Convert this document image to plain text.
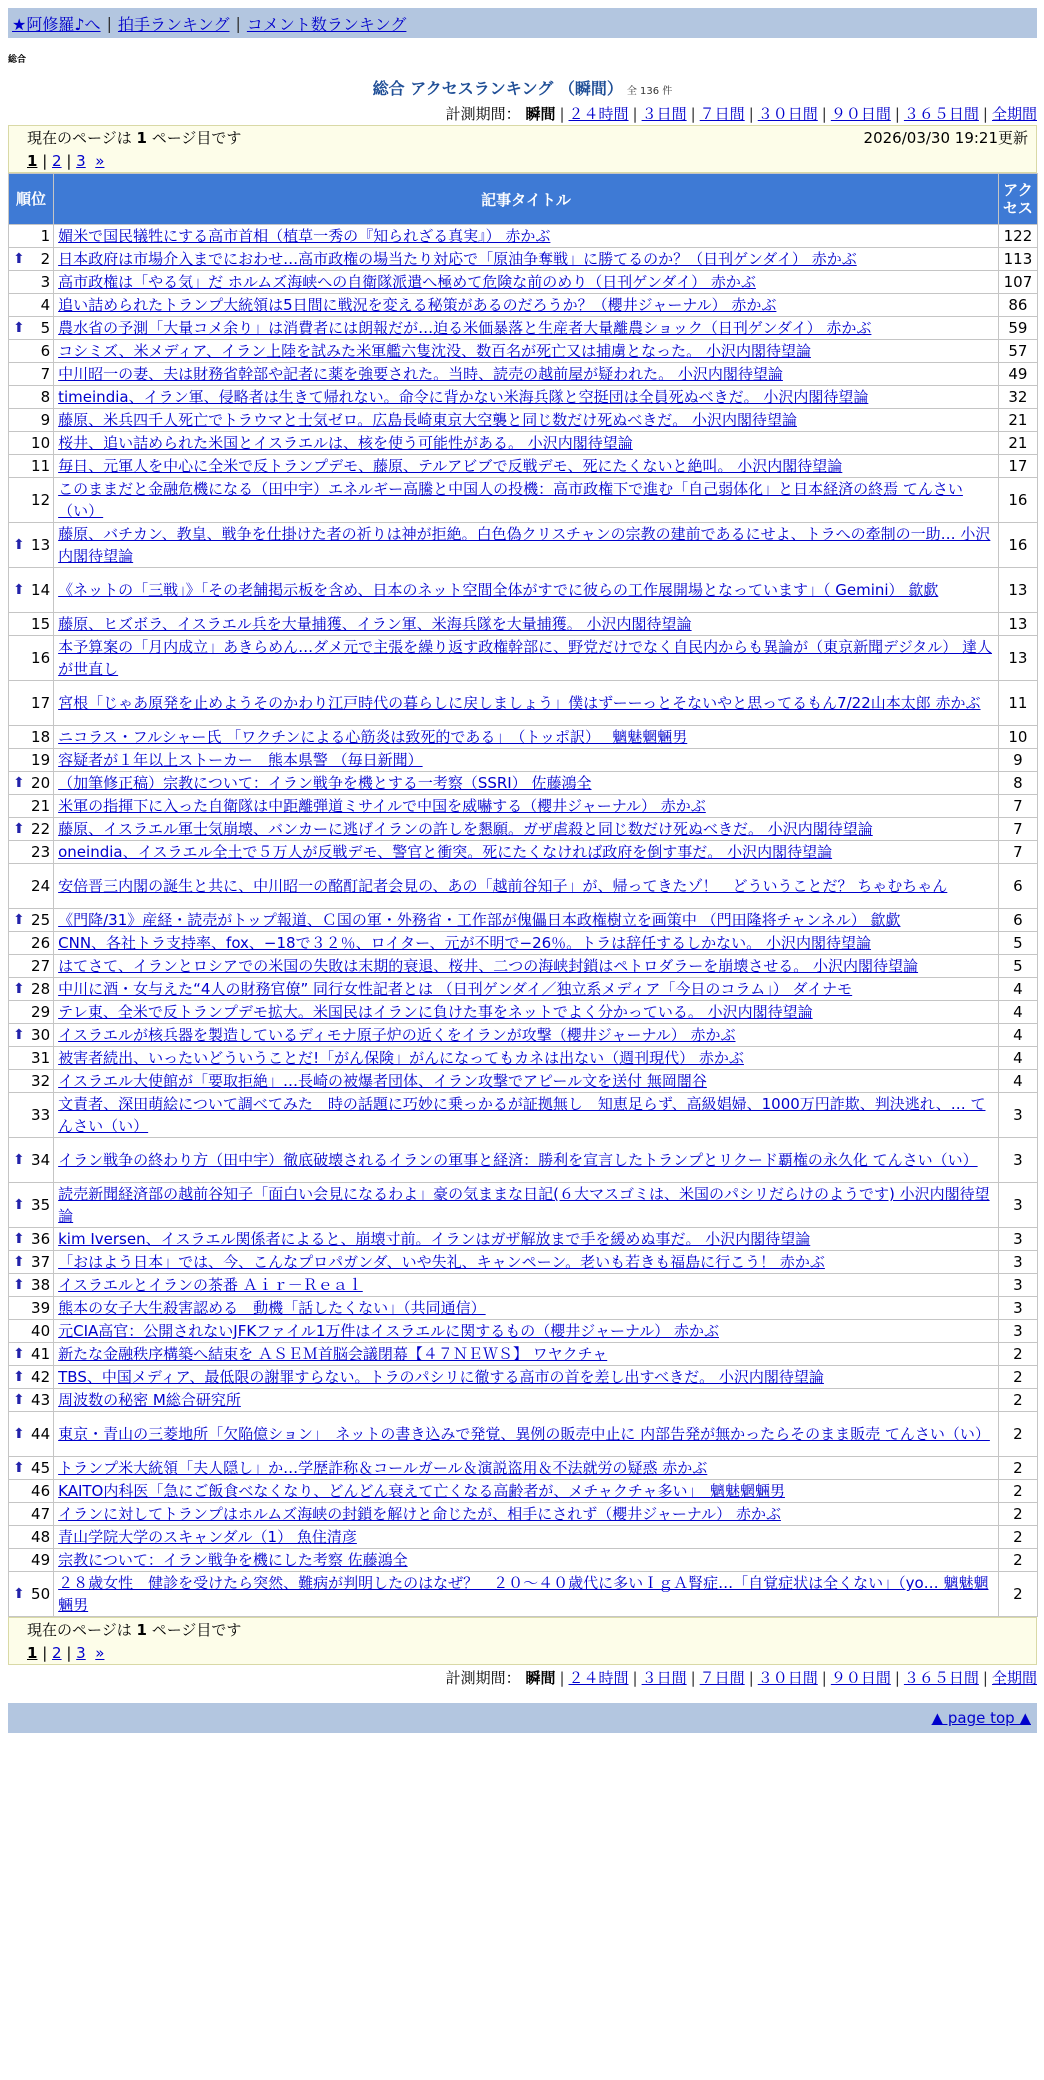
★阿修羅♪へ | 拍手ランキング | コメント数ランキング
総合
総合 アクセスランキング （瞬間） 全 136 件
計測期間： 瞬間 | ２４時間 | ３日間 | ７日間 | ３０日間 | ９０日間 | ３６５日間 | 全期間
現在のページは 1 ページ目です	2026/03/30 19:21更新
1 | 2 | 3 »
順位	記事タイトル	アクセス
1	媚米で国民犠牲にする高市首相（植草一秀の『知られざる真実』） 赤かぶ	122

⬆ 2	日本政府は市場介入までにおわせ…高市政権の場当たり対応で「原油争奪戦」に勝てるのか？（日刊ゲンダイ） 赤かぶ	113
3	高市政権は「やる気」だ ホルムズ海峡への自衛隊派遣へ極めて危険な前のめり（日刊ゲンダイ） 赤かぶ	107
4	追い詰められたトランプ大統領は5日間に戦況を変える秘策があるのだろうか？（櫻井ジャーナル） 赤かぶ	86

⬆ 5	農水省の予測「大量コメ余り」は消費者には朗報だが…迫る米価暴落と生産者大量離農ショック（日刊ゲンダイ） 赤かぶ	59
6	コシミズ、米メディア、イラン上陸を試みた米軍艦六隻沈没、数百名が死亡又は捕虜となった。 小沢内閣待望論	57
7	中川昭一の妻、夫は財務省幹部や記者に薬を強要された。当時、読売の越前屋が疑われた。 小沢内閣待望論	49
8	timeindia、イラン軍、侵略者は生きて帰れない。命令に背かない米海兵隊と空挺団は全員死ぬべきだ。 小沢内閣待望論	32
9	藤原、米兵四千人死亡でトラウマと士気ゼロ。広島長崎東京大空襲と同じ数だけ死ぬべきだ。 小沢内閣待望論	21
10	桜井、追い詰められた米国とイスラエルは、核を使う可能性がある。 小沢内閣待望論	21
11	毎日、元軍人を中心に全米で反トランプデモ、藤原、テルアビブで反戦デモ、死にたくないと絶叫。 小沢内閣待望論	17
12	このままだと金融危機になる（田中宇）エネルギー高騰と中国人の投機：高市政権下で進む「自己弱体化」と日本経済の終焉 てんさい（い）	16

⬆ 13	藤原、バチカン、教皇、戦争を仕掛けた者の祈りは神が拒絶。白色偽クリスチャンの宗教の建前であるにせよ、トラへの牽制の一助… 小沢内閣待望論	16

⬆ 14	《ネットの「三戦」》「その老舗掲示板を含め、日本のネット空間全体がすでに彼らの工作展開場となっています」（ Gemini） 歙歔	13
15	藤原、ヒズボラ、イスラエル兵を大量捕獲、イラン軍、米海兵隊を大量捕獲。 小沢内閣待望論	13
16	本予算案の「月内成立」あきらめん…ダメ元で主張を繰り返す政権幹部に、野党だけでなく自民内からも異論が（東京新聞デジタル） 達人が世直し	13
17	宮根「じゃあ原発を止めようそのかわり江戸時代の暮らしに戻しましょう」僕はずーーっとそないやと思ってるもん7/22山本太郎 赤かぶ	11
18	ニコラス・フルシャー氏 「ワクチンによる心筋炎は致死的である」　（トッポ訳）　 魑魅魍魎男	10
19	容疑者が１年以上ストーカー　熊本県警 （毎日新聞）	9

⬆ 20	（加筆修正稿）宗教について：イラン戦争を機とする一考察（SSRI） 佐藤鴻全	8
21	米軍の指揮下に入った自衛隊は中距離弾道ミサイルで中国を威嚇する（櫻井ジャーナル） 赤かぶ	7

⬆ 22	藤原、イスラエル軍士気崩壊、バンカーに逃げイランの許しを懇願。ガザ虐殺と同じ数だけ死ぬべきだ。 小沢内閣待望論	7
23	oneindia、イスラエル全土で５万人が反戦デモ、警官と衝突。死にたくなければ政府を倒す事だ。 小沢内閣待望論	7
24	安倍晋三内閣の誕生と共に、中川昭一の酩酊記者会見の、あの「越前谷知子」が、帰ってきたゾ！　どういうことだ？ ちゃむちゃん	6

⬆ 25	《門降/31》産経・読売がトップ報道、Ｃ国の軍・外務省・工作部が傀儡日本政権樹立を画策中 （門田隆将チャンネル） 歙歔	6
26	CNN、各社トラ支持率、fox、−18で３２％、ロイター、元が不明で−26％。トラは辞任するしかない。 小沢内閣待望論	5
27	はてさて、イランとロシアでの米国の失敗は末期的衰退、桜井、二つの海峡封鎖はペトロダラーを崩壊させる。 小沢内閣待望論	5

⬆ 28	中川に酒・女与えた“4人の財務官僚” 同行女性記者とは （日刊ゲンダイ／独立系メディア「今日のコラム」） ダイナモ	4
29	テレ東、全米で反トランプデモ拡大。米国民はイランに負けた事をネットでよく分かっている。 小沢内閣待望論	4

⬆ 30	イスラエルが核兵器を製造しているディモナ原子炉の近くをイランが攻撃（櫻井ジャーナル） 赤かぶ	4
31	被害者続出、いったいどういうことだ!「がん保険」がんになってもカネは出ない（週刊現代） 赤かぶ	4
32	イスラエル大使館が「要取拒絶」…長崎の被爆者団体、イラン攻撃でアピール文を送付 無岡闇谷	4
33	文責者、深田萌絵について調べてみた　時の話題に巧妙に乗っかるが証拠無し　知恵足らず、高級娼婦、1000万円詐欺、判決逃れ、… てんさい（い）	3

⬆ 34	イラン戦争の終わり方（田中宇）徹底破壊されるイランの軍事と経済：勝利を宣言したトランプとリクード覇権の永久化 てんさい（い）	3

⬆ 35	読売新聞経済部の越前谷知子「面白い会見になるわよ」豪の気ままな日記(６大マスゴミは、米国のパシリだらけのようです) 小沢内閣待望論	3

⬆ 36	kim Iversen、イスラエル関係者によると、崩壊寸前。イランはガザ解放まで手を緩めぬ事だ。 小沢内閣待望論	3

⬆ 37	「おはよう日本」では、今、こんなプロパガンダ、いや失礼、キャンペーン。老いも若きも福島に行こう！ 赤かぶ	3

⬆ 38	イスラエルとイランの茶番 Ａｉｒ－Ｒｅａｌ	3
39	熊本の女子大生殺害認める　動機「話したくない」（共同通信）	3
40	元CIA高官：公開されないJFKファイル1万件はイスラエルに関するもの（櫻井ジャーナル） 赤かぶ	3

⬆ 41	新たな金融秩序構築へ結束を ＡＳＥＭ首脳会議閉幕【４７ＮＥＷＳ】 ワヤクチャ	2

⬆ 42	TBS、中国メディア、最低限の謝罪すらない。トラのパシリに徹する高市の首を差し出すべきだ。 小沢内閣待望論	2

⬆ 43	周波数の秘密 M総合研究所	2

⬆ 44	東京・青山の三菱地所「欠陥億ション」　ネットの書き込みで発覚、異例の販売中止に 内部告発が無かったらそのまま販売 てんさい（い）	2

⬆ 45	トランプ米大統領「夫人隠し」か…学歴詐称＆コールガール＆演説盗用＆不法就労の疑惑 赤かぶ	2
46	KAITO内科医「急にご飯食べなくなり、どんどん衰えて亡くなる高齢者が、メチャクチャ多い」　魑魅魍魎男	2
47	イランに対してトランプはホルムズ海峡の封鎖を解けと命じたが、相手にされず（櫻井ジャーナル） 赤かぶ	2
48	青山学院大学のスキャンダル（1） 魚住清彦	2
49	宗教について：イラン戦争を機にした考察 佐藤鴻全	2

⬆ 50	２８歳女性　健診を受けたら突然、難病が判明したのはなぜ？　２０～４０歳代に多いＩｇＡ腎症…「自覚症状は全くない」（yo… 魑魅魍魎男	2
現在のページは 1 ページ目です
1 | 2 | 3 »
計測期間： 瞬間 | ２４時間 | ３日間 | ７日間 | ３０日間 | ９０日間 | ３６５日間 | 全期間
▲ page top ▲
